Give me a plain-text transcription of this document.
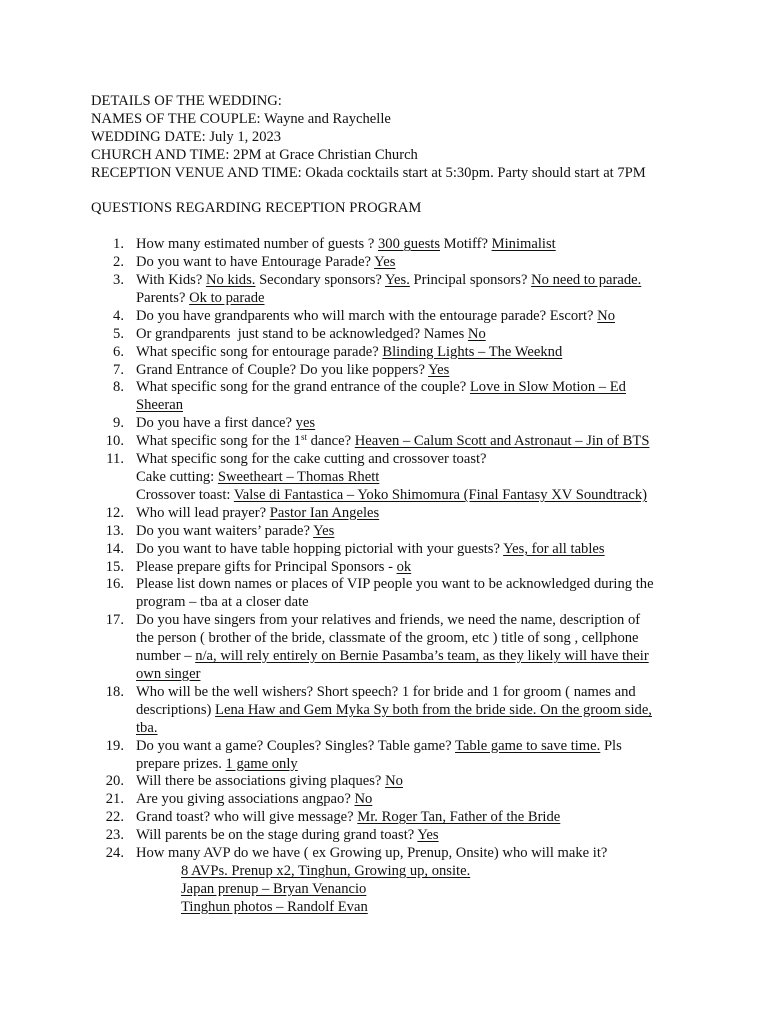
DETAILS OF THE WEDDING:
NAMES OF THE COUPLE: Wayne and Raychelle
WEDDING DATE: July 1, 2023
CHURCH AND TIME: 2PM at Grace Christian Church
RECEPTION VENUE AND TIME: Okada cocktails start at 5:30pm. Party should start at 7PM
QUESTIONS REGARDING RECEPTION PROGRAM
1. How many estimated number of guests ? 300 guests Motiff? Minimalist
2. Do you want to have Entourage Parade? Yes
3. With Kids? No kids. Secondary sponsors? Yes. Principal sponsors? No need to parade.
Parents? Ok to parade
4. Do you have grandparents who will march with the entourage parade? Escort? No
5. Or grandparents  just stand to be acknowledged? Names No
6. What specific song for entourage parade? Blinding Lights – The Weeknd
7. Grand Entrance of Couple? Do you like poppers? Yes
8. What specific song for the grand entrance of the couple? Love in Slow Motion – Ed
Sheeran
9. Do you have a first dance? yes
10. What specific song for the 1st dance? Heaven – Calum Scott and Astronaut – Jin of BTS
11. What specific song for the cake cutting and crossover toast?
Cake cutting: Sweetheart – Thomas Rhett
Crossover toast: Valse di Fantastica – Yoko Shimomura (Final Fantasy XV Soundtrack)
12. Who will lead prayer? Pastor Ian Angeles
13. Do you want waiters’ parade? Yes
14. Do you want to have table hopping pictorial with your guests? Yes, for all tables
15. Please prepare gifts for Principal Sponsors - ok
16. Please list down names or places of VIP people you want to be acknowledged during the
program – tba at a closer date
17. Do you have singers from your relatives and friends, we need the name, description of
the person ( brother of the bride, classmate of the groom, etc ) title of song , cellphone
number – n/a, will rely entirely on Bernie Pasamba’s team, as they likely will have their
own singer
18. Who will be the well wishers? Short speech? 1 for bride and 1 for groom ( names and
descriptions) Lena Haw and Gem Myka Sy both from the bride side. On the groom side,
tba.
19. Do you want a game? Couples? Singles? Table game? Table game to save time. Pls
prepare prizes. 1 game only
20. Will there be associations giving plaques? No
21. Are you giving associations angpao? No
22. Grand toast? who will give message? Mr. Roger Tan, Father of the Bride
23. Will parents be on the stage during grand toast? Yes
24. How many AVP do we have ( ex Growing up, Prenup, Onsite) who will make it?
8 AVPs. Prenup x2, Tinghun, Growing up, onsite.
Japan prenup – Bryan Venancio
Tinghun photos – Randolf Evan
